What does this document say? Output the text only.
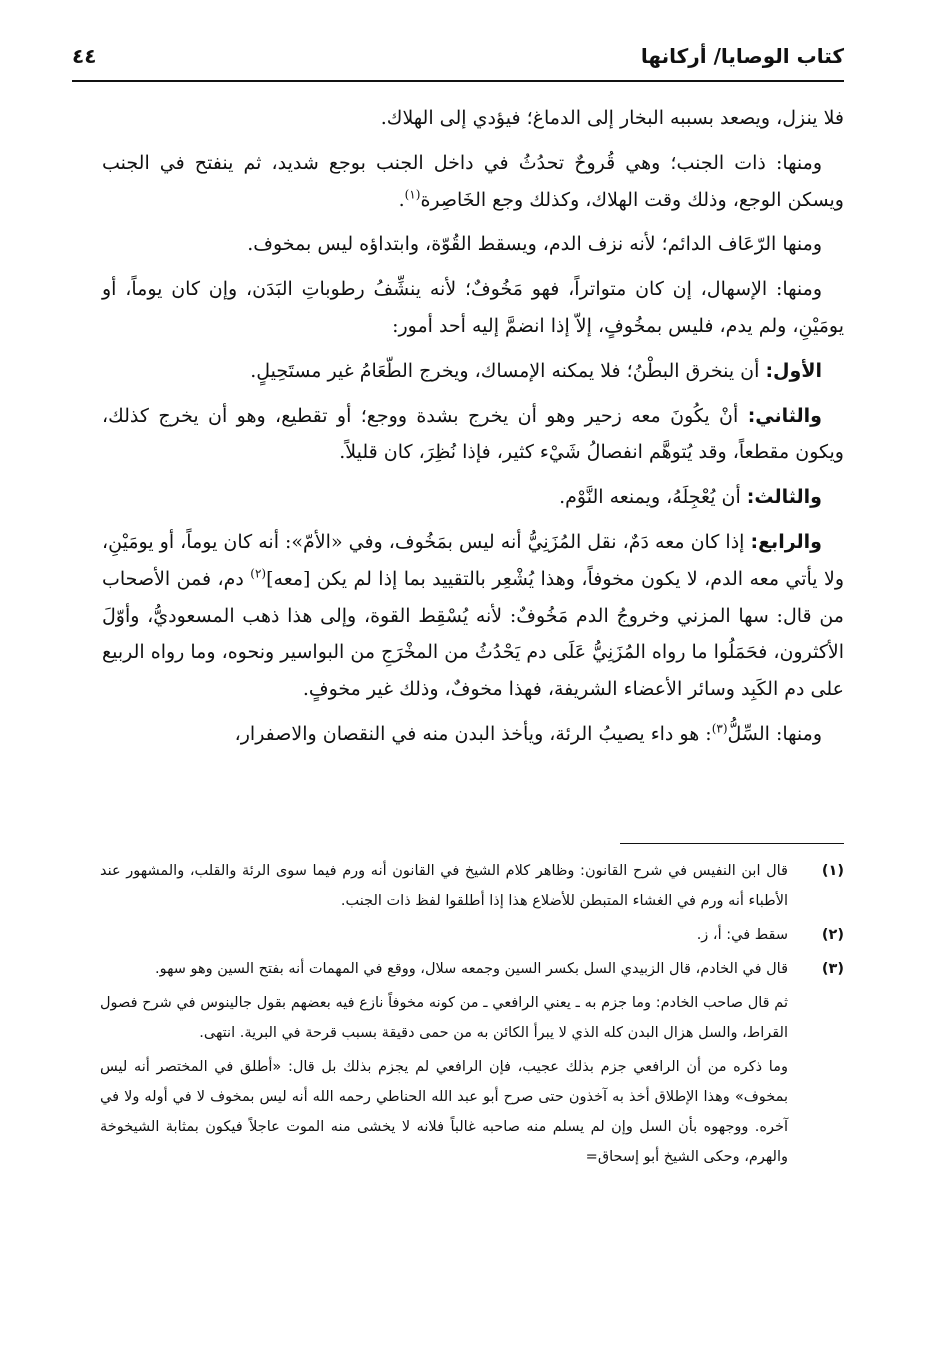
كتاب الوصايا/ أركانها
٤٤

فلا ينزل، ويصعد بسببه البخار إلى الدماغ؛ فيؤدي إلى الهلاك.

ومنها: ذات الجنب؛ وهي قُروحٌ تحدُثُ في داخل الجنب بوجع شديد، ثم ينفتح في الجنب ويسكن الوجع، وذلك وقت الهلاك، وكذلك وجع الخَاصِرة$^{(١)}$.

ومنها الرّعَاف الدائم؛ لأنه نزف الدم، ويسقط القُوّة، وابتداؤه ليس بمخوف.

ومنها: الإسهال، إن كان متواتراً، فهو مَخُوفٌ؛ لأنه ينشِّفُ رطوباتِ البَدَن، وإن كان يوماً، أو يومَيْنِ، ولم يدم، فليس بمخُوفٍ، إلاّ إذا انضمَّ إليه أحد أمور:

الأول: أن ينخرق البطْنُ؛ فلا يمكنه الإمساك، ويخرج الطّعَامُ غير مستَحِيلٍ.

والثاني: أنْ يكُونَ معه زحير وهو أن يخرج بشدة ووجع؛ أو تقطيع، وهو أن يخرج كذلك، ويكون مقطعاً، وقد يُتوهَّم انفصالُ شَيْء كثير، فإذا نُظِرَ، كان قليلاً.

والثالث: أن يُعْجِلَهُ، ويمنعه النَّوْم.

والرابع: إذا كان معه دَمٌ، نقل المُزَنِيُّ أنه ليس بمَخُوف، وفي «الأمّ»: أنه كان يوماً، أو يومَيْنِ، ولا يأتي معه الدم، لا يكون مخوفاً، وهذا يُشْعِر بالتقييد بما إذا لم يكن [معه]$^{(٢)}$ دم، فمن الأصحاب من قال: سها المزني وخروجُ الدم مَخُوفٌ: لأنه يُسْقِط القوة، وإلى هذا ذهب المسعوديُّ، وأوّلَ الأكثرون، فحَمَلُوا ما رواه المُزَنِيُّ عَلَى دم يَحْدُثُ من المخْرَجِ من البواسير ونحوه، وما رواه الربيع على دم الكَبِد وسائر الأعضاء الشريفة، فهذا مخوفٌ، وذلك غير مخوفٍ.

ومنها: السِّلُّ$^{(٣)}$: هو داء يصيبُ الرئة، ويأخذ البدن منه في النقصان والاصفرار،

(١)
قال ابن النفيس في شرح القانون: وظاهر كلام الشيخ في القانون أنه ورم فيما سوى الرئة والقلب، والمشهور عند الأطباء أنه ورم في الغشاء المتبطن للأضلاع هذا إذا أطلقوا لفظ ذات الجنب.
(٢)
سقط في: أ، ز.
(٣)
قال في الخادم، قال الزبيدي السل بكسر السين وجمعه سلال، ووقع في المهمات أنه بفتح السين وهو سهو.
ثم قال صاحب الخادم: وما جزم به ـ يعني الرافعي ـ من كونه مخوفاً نازع فيه بعضهم بقول جالينوس في شرح فصول القراط، والسل هزال البدن كله الذي لا يبرأ الكائن به من حمى دقيقة بسبب قرحة في البرية. انتهى.
وما ذكره من أن الرافعي جزم بذلك عجيب، فإن الرافعي لم يجزم بذلك بل قال: «أطلق في المختصر أنه ليس بمخوف» وهذا الإطلاق أخذ به آخذون حتى صرح أبو عبد الله الحناطي رحمه الله أنه ليس بمخوف لا في أوله ولا في آخره. ووجهوه بأن السل وإن لم يسلم منه صاحبه غالباً فلانه لا يخشى منه الموت عاجلاً فيكون بمثابة الشيخوخة والهرم، وحكى الشيخ أبو إسحاق=
